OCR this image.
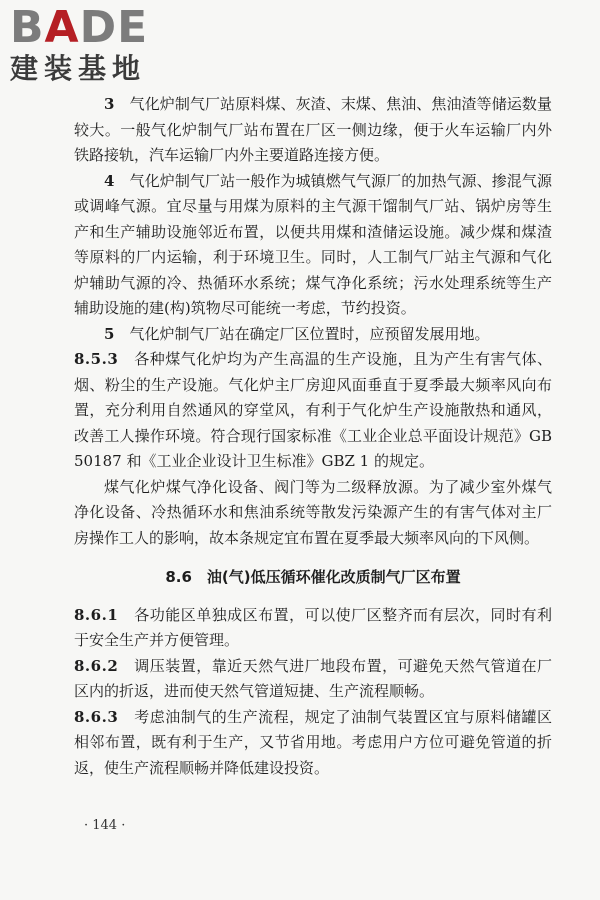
BADE
建装基地

3　 气化炉制气厂站原料煤、灰渣、末煤、焦油、焦油渣等储运数量较大。一般气化炉制气厂站布置在厂区一侧边缘，便于火车运输厂内外铁路接轨，汽车运输厂内外主要道路连接方便。

4　 气化炉制气厂站一般作为城镇燃气气源厂的加热气源、掺混气源或调峰气源。宜尽量与用煤为原料的主气源干馏制气厂站、锅炉房等生产和生产辅助设施邻近布置，以便共用煤和渣储运设施。减少煤和煤渣等原料的厂内运输，利于环境卫生。同时，人工制气厂站主气源和气化炉辅助气源的冷、热循环水系统；煤气净化系统；污水处理系统等生产辅助设施的建(构)筑物尽可能统一考虑，节约投资。

5　 气化炉制气厂站在确定厂区位置时，应预留发展用地。

8.5.3　 各种煤气化炉均为产生高温的生产设施，且为产生有害气体、烟、粉尘的生产设施。气化炉主厂房迎风面垂直于夏季最大频率风向布置，充分利用自然通风的穿堂风，有利于气化炉生产设施散热和通风，改善工人操作环境。符合现行国家标准《工业企业总平面设计规范》GB 50187 和《工业企业设计卫生标准》GBZ 1 的规定。

煤气化炉煤气净化设备、阀门等为二级释放源。为了减少室外煤气净化设备、冷热循环水和焦油系统等散发污染源产生的有害气体对主厂房操作工人的影响，故本条规定宜布置在夏季最大频率风向的下风侧。

8.6　油(气)低压循环催化改质制气厂区布置

8.6.1　 各功能区单独成区布置，可以使厂区整齐而有层次，同时有利于安全生产并方便管理。

8.6.2　 调压装置，靠近天然气进厂地段布置，可避免天然气管道在厂区内的折返，进而使天然气管道短捷、生产流程顺畅。

8.6.3　 考虑油制气的生产流程，规定了油制气装置区宜与原料储罐区相邻布置，既有利于生产，又节省用地。考虑用户方位可避免管道的折返，使生产流程顺畅并降低建设投资。

· 144 ·
